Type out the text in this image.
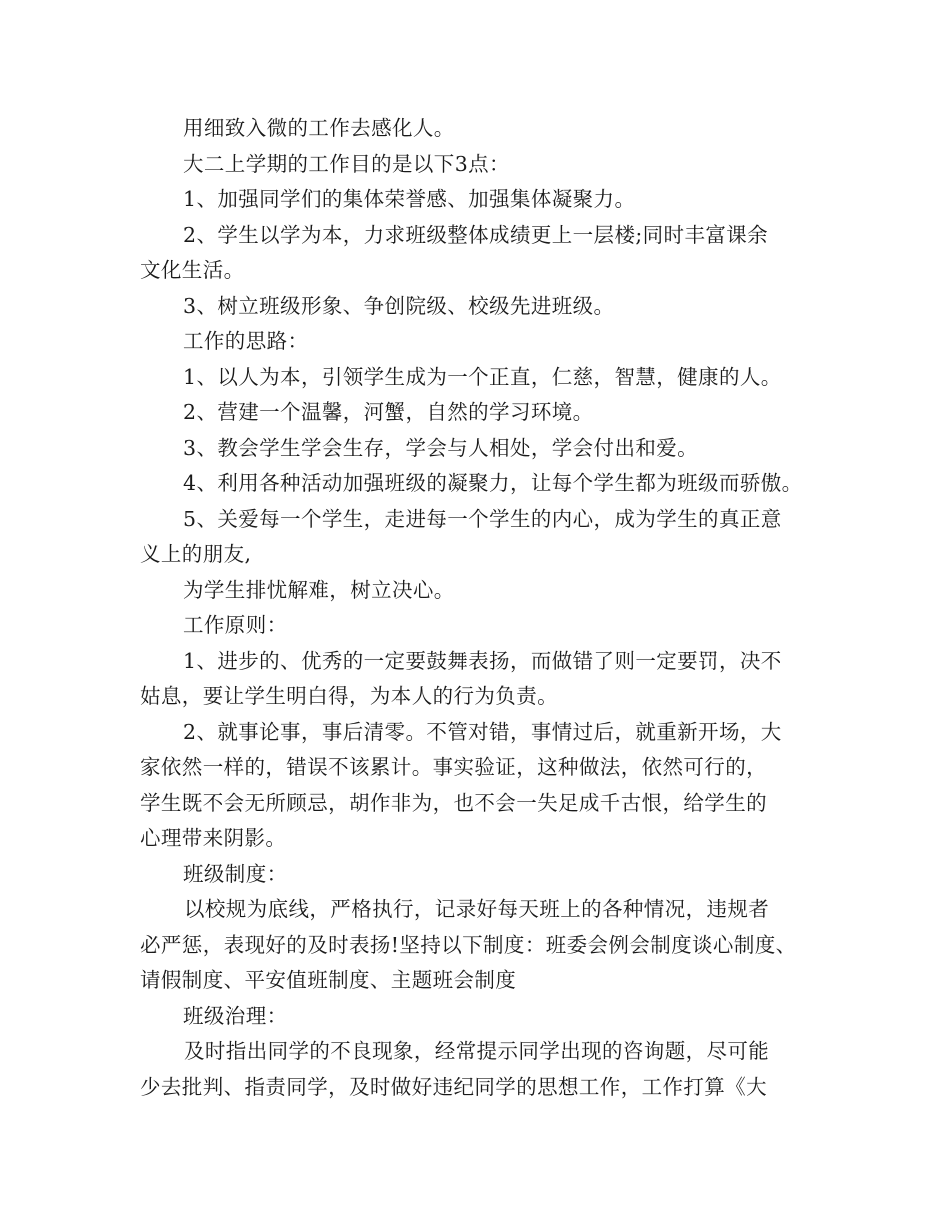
用细致入微的工作去感化人。

大二上学期的工作目的是以下3点：

1、加强同学们的集体荣誉感、加强集体凝聚力。

2、学生以学为本，力求班级整体成绩更上一层楼;同时丰富课余

文化生活。

3、树立班级形象、争创院级、校级先进班级。

工作的思路：

1、以人为本，引领学生成为一个正直，仁慈，智慧，健康的人。

2、营建一个温馨，河蟹，自然的学习环境。

3、教会学生学会生存，学会与人相处，学会付出和爱。

4、利用各种活动加强班级的凝聚力，让每个学生都为班级而骄傲。

5、关爱每一个学生，走进每一个学生的内心，成为学生的真正意

义上的朋友,

为学生排忧解难，树立决心。

工作原则：

1、进步的、优秀的一定要鼓舞表扬，而做错了则一定要罚，决不

姑息，要让学生明白得，为本人的行为负责。

2、就事论事，事后清零。不管对错，事情过后，就重新开场，大

家依然一样的，错误不该累计。事实验证，这种做法，依然可行的，

学生既不会无所顾忌，胡作非为，也不会一失足成千古恨，给学生的

心理带来阴影。

班级制度：

以校规为底线，严格执行，记录好每天班上的各种情况，违规者

必严惩，表现好的及时表扬!坚持以下制度：班委会例会制度谈心制度、

请假制度、平安值班制度、主题班会制度

班级治理：

及时指出同学的不良现象，经常提示同学出现的咨询题，尽可能

少去批判、指责同学，及时做好违纪同学的思想工作，工作打算《大
